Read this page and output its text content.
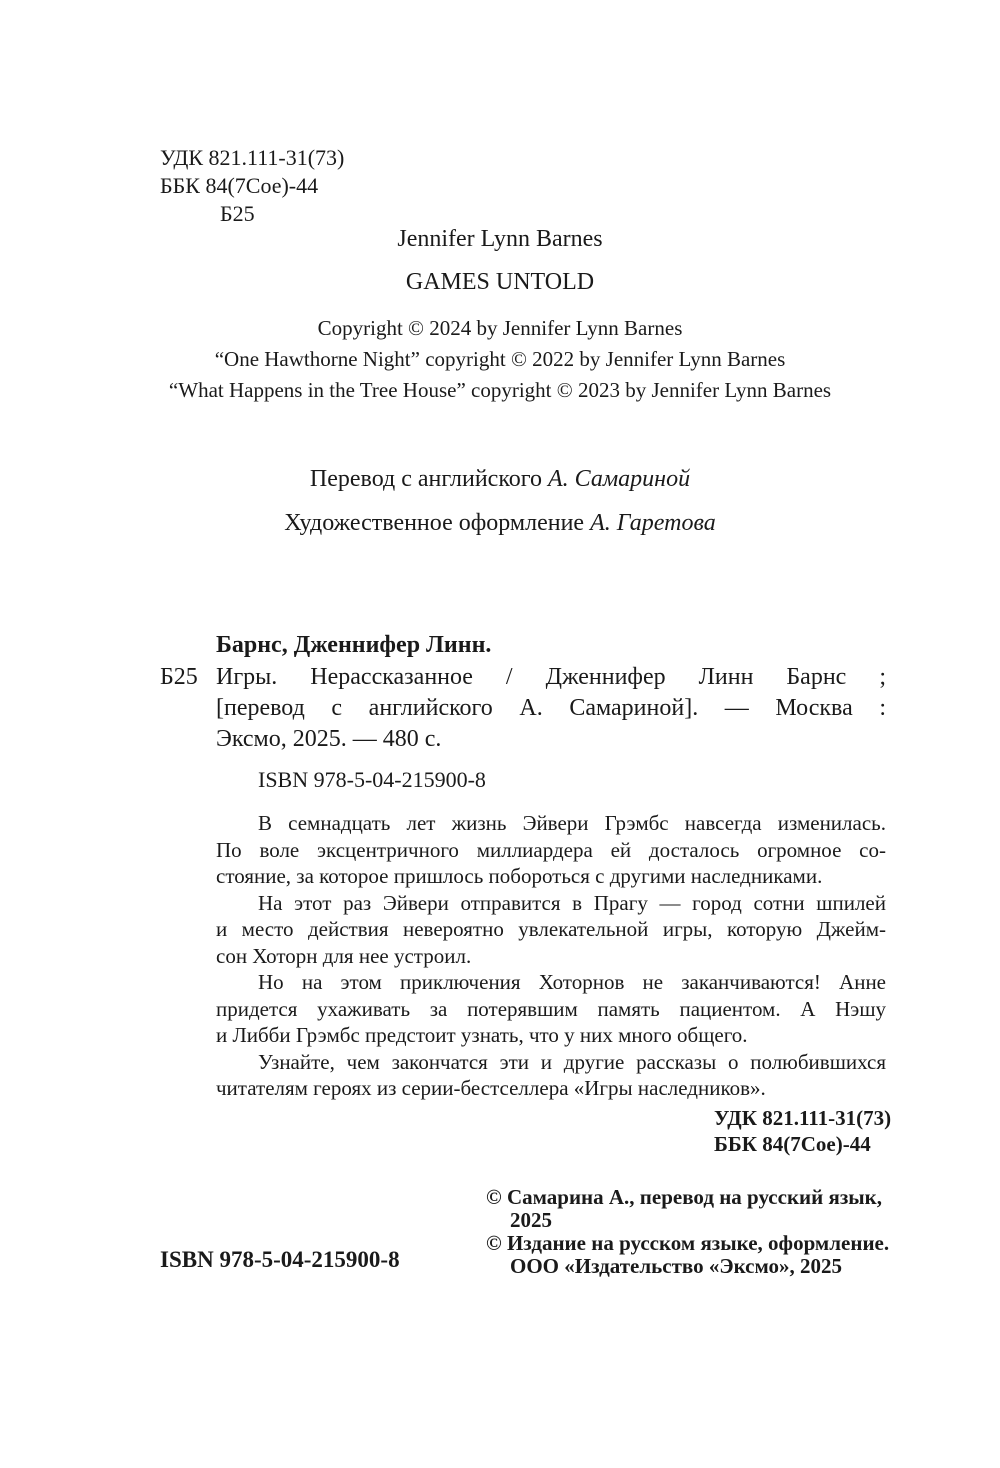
УДК 821.111-31(73)
ББК 84(7Сое)-44
Б25
Jennifer Lynn Barnes
GAMES UNTOLD
Copyright © 2024 by Jennifer Lynn Barnes
“One Hawthorne Night” copyright © 2022 by Jennifer Lynn Barnes
“What Happens in the Tree House” copyright © 2023 by Jennifer Lynn Barnes
Перевод с английского А. Самариной
Художественное оформление А. Гаретова
Барнс, Дженнифер Линн.
Б25 Игры. Нерассказанное / Дженнифер Линн Барнс ;
[перевод с английского А. Самариной]. — Москва :
Эксмо, 2025. — 480 с.
ISBN 978-5-04-215900-8
В семнадцать лет жизнь Эйвери Грэмбс навсегда изменилась.
По воле эксцентричного миллиардера ей досталось огромное со-
стояние, за которое пришлось побороться с другими наследниками.
На этот раз Эйвери отправится в Прагу — город сотни шпилей
и место действия невероятно увлекательной игры, которую Джейм-
сон Хоторн для нее устроил.
Но на этом приключения Хоторнов не заканчиваются! Анне
придется ухаживать за потерявшим память пациентом. А Нэшу
и Либби Грэмбс предстоит узнать, что у них много общего.
Узнайте, чем закончатся эти и другие рассказы о полюбившихся
читателям героях из серии-бестселлера «Игры наследников».
УДК 821.111-31(73)
ББК 84(7Сое)-44
© Самарина А., перевод на русский язык,
2025
© Издание на русском языке, оформление.
ООО «Издательство «Эксмо», 2025
ISBN 978-5-04-215900-8
